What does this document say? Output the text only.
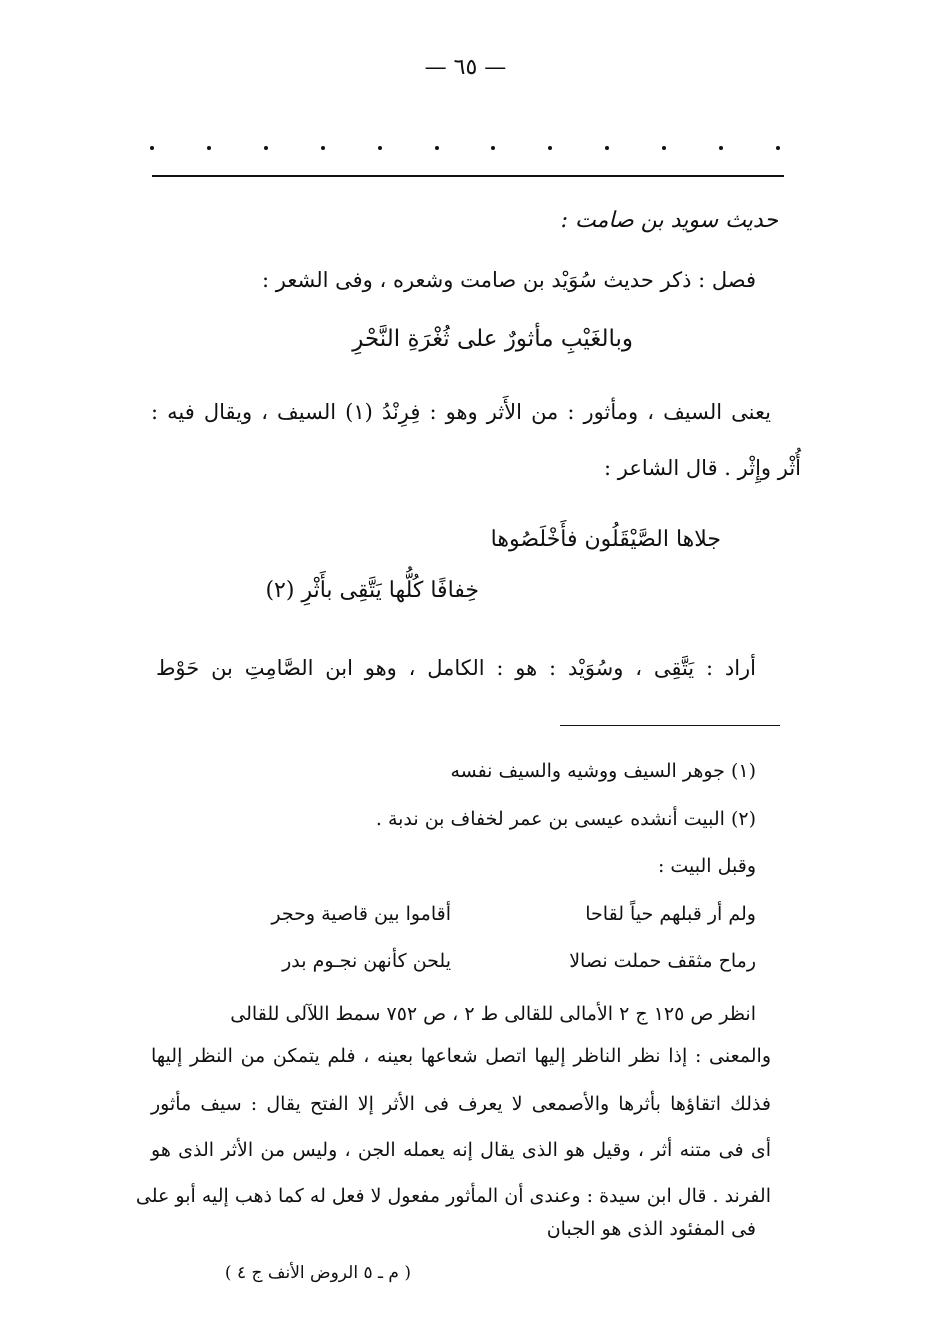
— ٦٥ —
حديث سويد بن صامت :
فصل : ذكر حديث سُوَيْد بن صامت وشعره ، وفى الشعر :
وبالغَيْبِ مأثورٌ على ثُغْرَةِ النَّحْرِ
يعنى السيف ، ومأثور : من الأَثر وهو : فِرِنْدُ (١) السيف ، ويقال فيه :
أُثْر وإِثْر . قال الشاعر :
جلاها الصَّيْقَلُون فأَخْلَصُوها
خِفافًا كُلُّها يَتَّقِى بأَثْرِ (٢)
أراد : يَتَّقِى ، وسُوَيْد : هو : الكامل ، وهو ابن الصَّامِتِ بن حَوْط
(١) جوهر السيف ووشيه والسيف نفسه
(٢) البيت أنشده عيسى بن عمر لخفاف بن ندبة .
وقبل البيت :
ولم أر قبلهم حياً لقاحا
أقاموا بين قاصية وحجر
رماح مثقف حملت نصالا
يلحن كأنهن نجـوم بدر
انظر ص ١٢٥ ج ٢ الأمالى للقالى ط ٢ ، ص ٧٥٢ سمط اللآلى للقالى
والمعنى : إذا نظر الناظر إليها اتصل شعاعها بعينه ، فلم يتمكن من النظر إليها
فذلك اتقاؤها بأثرها والأصمعى لا يعرف فى الأثر إلا الفتح يقال : سيف مأثور
أى فى متنه أثر ، وقيل هو الذى يقال إنه يعمله الجن ، وليس من الأثر الذى هو
الفرند . قال ابن سيدة : وعندى أن المأثور مفعول لا فعل له كما ذهب إليه أبو على
فى المفئود الذى هو الجبان
( م ـ ٥ الروض الأنف ج ٤ )
